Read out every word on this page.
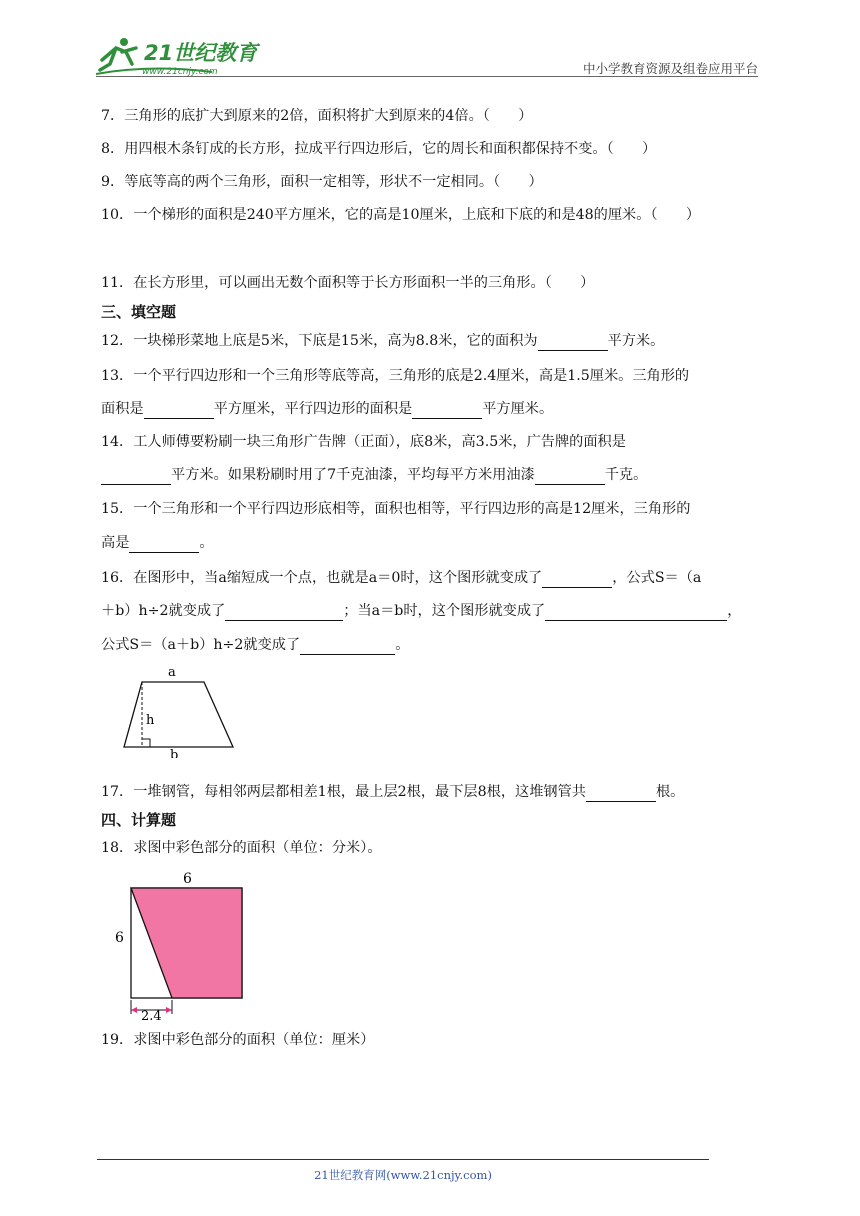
21世纪教育
www.21cnjy.com	中小学教育资源及组卷应用平台
7．三角形的底扩大到原来的2倍，面积将扩大到原来的4倍。（　　）
8．用四根木条钉成的长方形，拉成平行四边形后，它的周长和面积都保持不变。（　　）
9．等底等高的两个三角形，面积一定相等，形状不一定相同。（　　）
10．一个梯形的面积是240平方厘米，它的高是10厘米，上底和下底的和是48的厘米。（　　）
11．在长方形里，可以画出无数个面积等于长方形面积一半的三角形。（　　）
三、填空题
12．一块梯形菜地上底是5米，下底是15米，高为8.8米，它的面积为	平方米。
13．一个平行四边形和一个三角形等底等高，三角形的底是2.4厘米，高是1.5厘米。三角形的
面积是	平方厘米，平行四边形的面积是	平方厘米。
14．工人师傅要粉刷一块三角形广告牌（正面），底8米，高3.5米，广告牌的面积是
平方米。如果粉刷时用了7千克油漆，平均每平方米用油漆	千克。
15．一个三角形和一个平行四边形底相等，面积也相等，平行四边形的高是12厘米，三角形的
高是	。
16．在图形中，当a缩短成一个点，也就是a＝0时，这个图形就变成了	，公式S＝（a
＋b）h÷2就变成了	；当a＝b时，这个图形就变成了	，
公式S＝（a＋b）h÷2就变成了	。
a
h
b
17．一堆钢管，每相邻两层都相差1根，最上层2根，最下层8根，这堆钢管共	根。
四、计算题
18．求图中彩色部分的面积（单位：分米）。
6
6
2.4
19．求图中彩色部分的面积（单位：厘米）
21世纪教育网(www.21cnjy.com)
